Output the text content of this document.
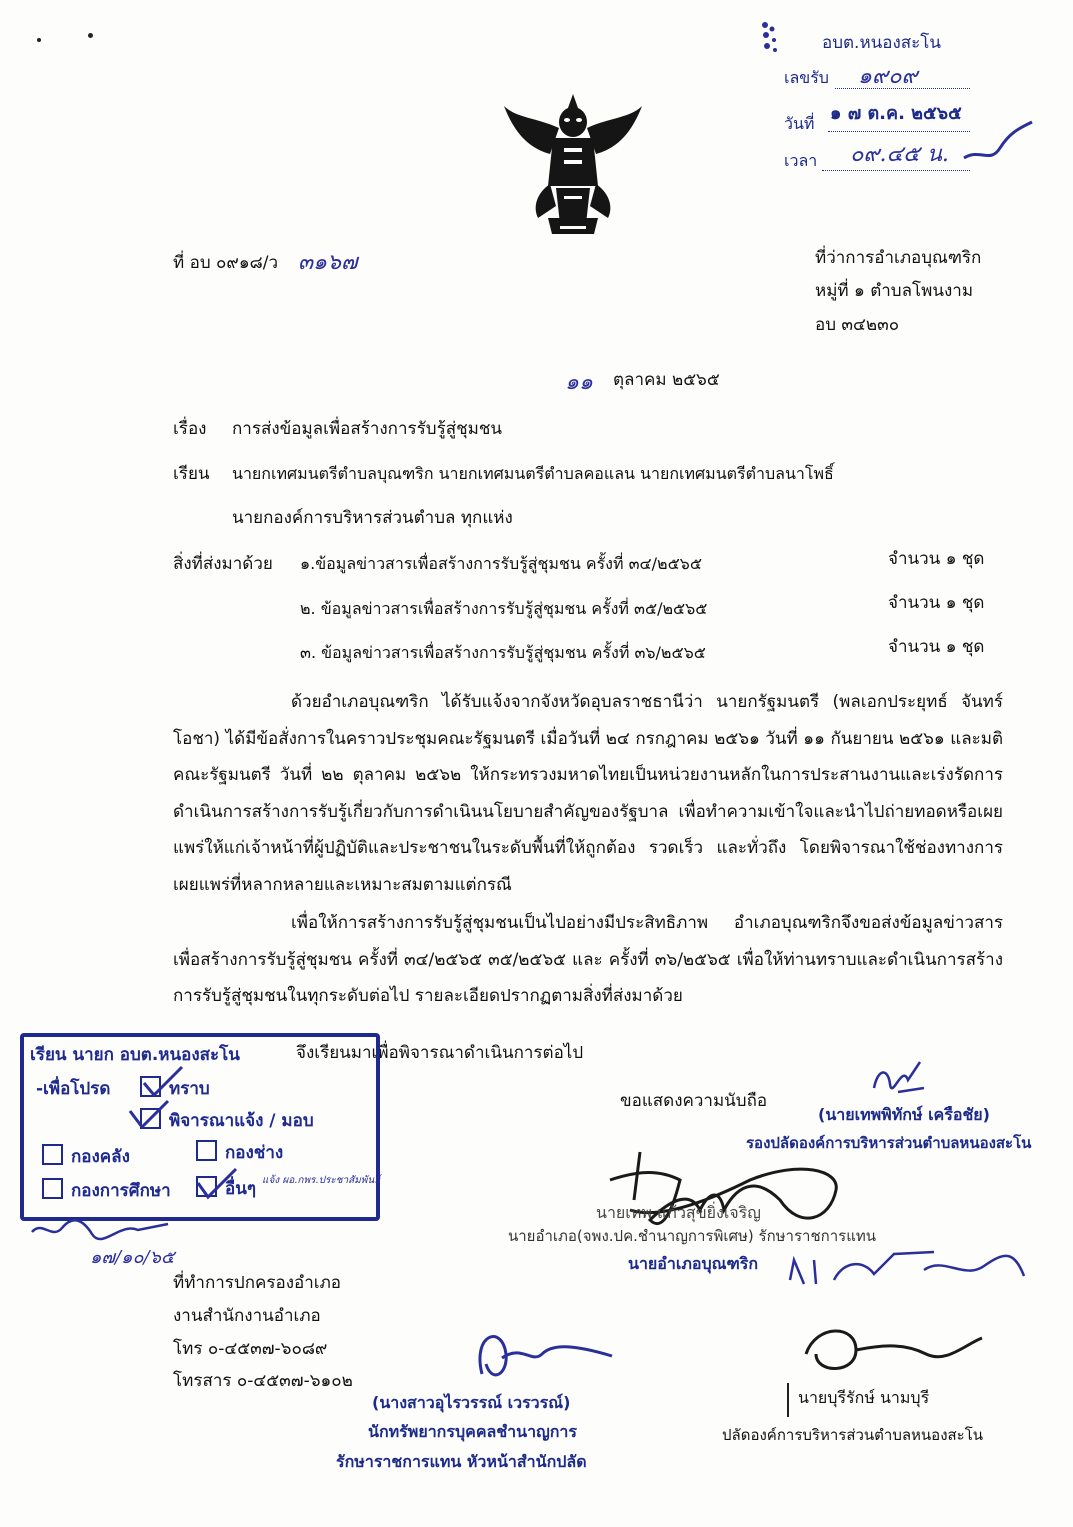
อบต.หนองสะโน
เลขรับ ๑๙๐๙
วันที่ ๑ ๗ ต.ค. ๒๕๖๕
เวลา ๐๙.๔๕ น.
ที่ อบ ๐๙๑๘/ว ๓๑๖๗	ที่ว่าการอำเภอบุณฑริก
หมู่ที่ ๑ ตำบลโพนงาม
อบ ๓๔๒๓๐
๑๑ ตุลาคม ๒๕๖๕
เรื่อง การส่งข้อมูลเพื่อสร้างการรับรู้สู่ชุมชน
เรียน นายกเทศมนตรีตำบลบุณฑริก นายกเทศมนตรีตำบลคอแลน นายกเทศมนตรีตำบลนาโพธิ์
นายกองค์การบริหารส่วนตำบล ทุกแห่ง
สิ่งที่ส่งมาด้วย ๑.ข้อมูลข่าวสารเพื่อสร้างการรับรู้สู่ชุมชน ครั้งที่ ๓๔/๒๕๖๕	จำนวน ๑ ชุด
๒. ข้อมูลข่าวสารเพื่อสร้างการรับรู้สู่ชุมชน ครั้งที่ ๓๕/๒๕๖๕	จำนวน ๑ ชุด
๓. ข้อมูลข่าวสารเพื่อสร้างการรับรู้สู่ชุมชน ครั้งที่ ๓๖/๒๕๖๕	จำนวน ๑ ชุด
ด้วยอำเภอบุณฑริก ได้รับแจ้งจากจังหวัดอุบลราชธานีว่า นายกรัฐมนตรี (พลเอกประยุทธ์ จันทร์โอชา) ได้มีข้อสั่งการในคราวประชุมคณะรัฐมนตรี เมื่อวันที่ ๒๔ กรกฎาคม ๒๕๖๑ วันที่ ๑๑ กันยายน ๒๕๖๑ และมติคณะรัฐมนตรี วันที่ ๒๒ ตุลาคม ๒๕๖๒ ให้กระทรวงมหาดไทยเป็นหน่วยงานหลักในการประสานงานและเร่งรัดการดำเนินการสร้างการรับรู้เกี่ยวกับการดำเนินนโยบายสำคัญของรัฐบาล เพื่อทำความเข้าใจและนำไปถ่ายทอดหรือเผยแพร่ให้แก่เจ้าหน้าที่ผู้ปฏิบัติและประชาชนในระดับพื้นที่ให้ถูกต้อง รวดเร็ว และทั่วถึง โดยพิจารณาใช้ช่องทางการเผยแพร่ที่หลากหลายและเหมาะสมตามแต่กรณี
เพื่อให้การสร้างการรับรู้สู่ชุมชนเป็นไปอย่างมีประสิทธิภาพ อำเภอบุณฑริกจึงขอส่งข้อมูลข่าวสารเพื่อสร้างการรับรู้สู่ชุมชน ครั้งที่ ๓๔/๒๕๖๕ ๓๕/๒๕๖๕ และ ครั้งที่ ๓๖/๒๕๖๕ เพื่อให้ท่านทราบและดำเนินการสร้างการรับรู้สู่ชุมชนในทุกระดับต่อไป รายละเอียดปรากฏตามสิ่งที่ส่งมาด้วย
จึงเรียนมาเพื่อพิจารณาดำเนินการต่อไป
เรียน นายก อบต.หนองสะโน
-เพื่อโปรด	ทราบ
พิจารณาแจ้ง / มอบ
กองคลัง	กองช่าง
กองการศึกษา	อื่นๆ แจ้ง ผอ.กพร.ประชาสัมพันธ์
๑๗/๑๐/๖๕
ขอแสดงความนับถือ
(นายเทพพิทักษ์ เครือชัย)
รองปลัดองค์การบริหารส่วนตำบลหนองสะโน
นายเทพ แก้วสุขยิ่งเจริญ
นายอำเภอ(จพง.ปค.ชำนาญการพิเศษ) รักษาราชการแทน
นายอำเภอบุณฑริก
ที่ทำการปกครองอำเภอ
งานสำนักงานอำเภอ
โทร ๐-๔๕๓๗-๖๐๘๙
โทรสาร ๐-๔๕๓๗-๖๑๐๒
(นางสาวอุไรวรรณ์ เวรวรณ์)
นักทรัพยากรบุคคลชำนาญการ
รักษาราชการแทน หัวหน้าสำนักปลัด
นายบุรีรักษ์ นามบุรี
ปลัดองค์การบริหารส่วนตำบลหนองสะโน
